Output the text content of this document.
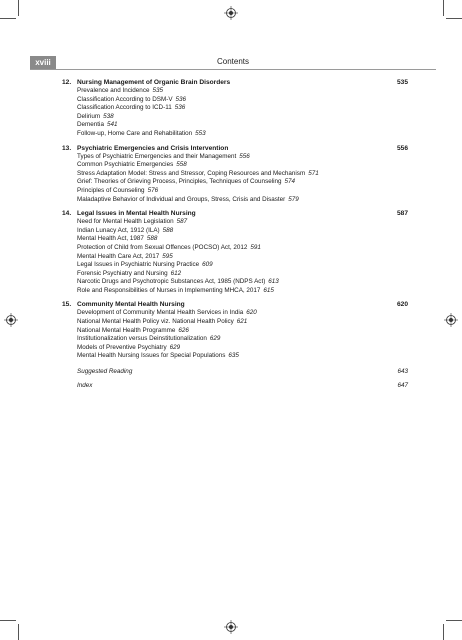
xviii	Contents
12. Nursing Management of Organic Brain Disorders	535
Prevalence and Incidence 535
Classification According to DSM-V 536
Classification According to ICD-11 536
Delirium 538
Dementia 541
Follow-up, Home Care and Rehabilitation 553
13. Psychiatric Emergencies and Crisis Intervention	556
Types of Psychiatric Emergencies and their Management 556
Common Psychiatric Emergencies 558
Stress Adaptation Model: Stress and Stressor, Coping Resources and Mechanism 571
Grief: Theories of Grieving Process, Principles, Techniques of Counseling 574
Principles of Counseling 576
Maladaptive Behavior of Individual and Groups, Stress, Crisis and Disaster 579
14. Legal Issues in Mental Health Nursing	587
Need for Mental Health Legislation 587
Indian Lunacy Act, 1912 (ILA) 588
Mental Health Act, 1987 588
Protection of Child from Sexual Offences (POCSO) Act, 2012 591
Mental Health Care Act, 2017 595
Legal Issues in Psychiatric Nursing Practice 609
Forensic Psychiatry and Nursing 612
Narcotic Drugs and Psychotropic Substances Act, 1985 (NDPS Act) 613
Role and Responsibilities of Nurses in Implementing MHCA, 2017 615
15. Community Mental Health Nursing	620
Development of Community Mental Health Services in India 620
National Mental Health Policy viz. National Health Policy 621
National Mental Health Programme 626
Institutionalization versus Deinstitutionalization 629
Models of Preventive Psychiatry 629
Mental Health Nursing Issues for Special Populations 635
Suggested Reading	643
Index	647
